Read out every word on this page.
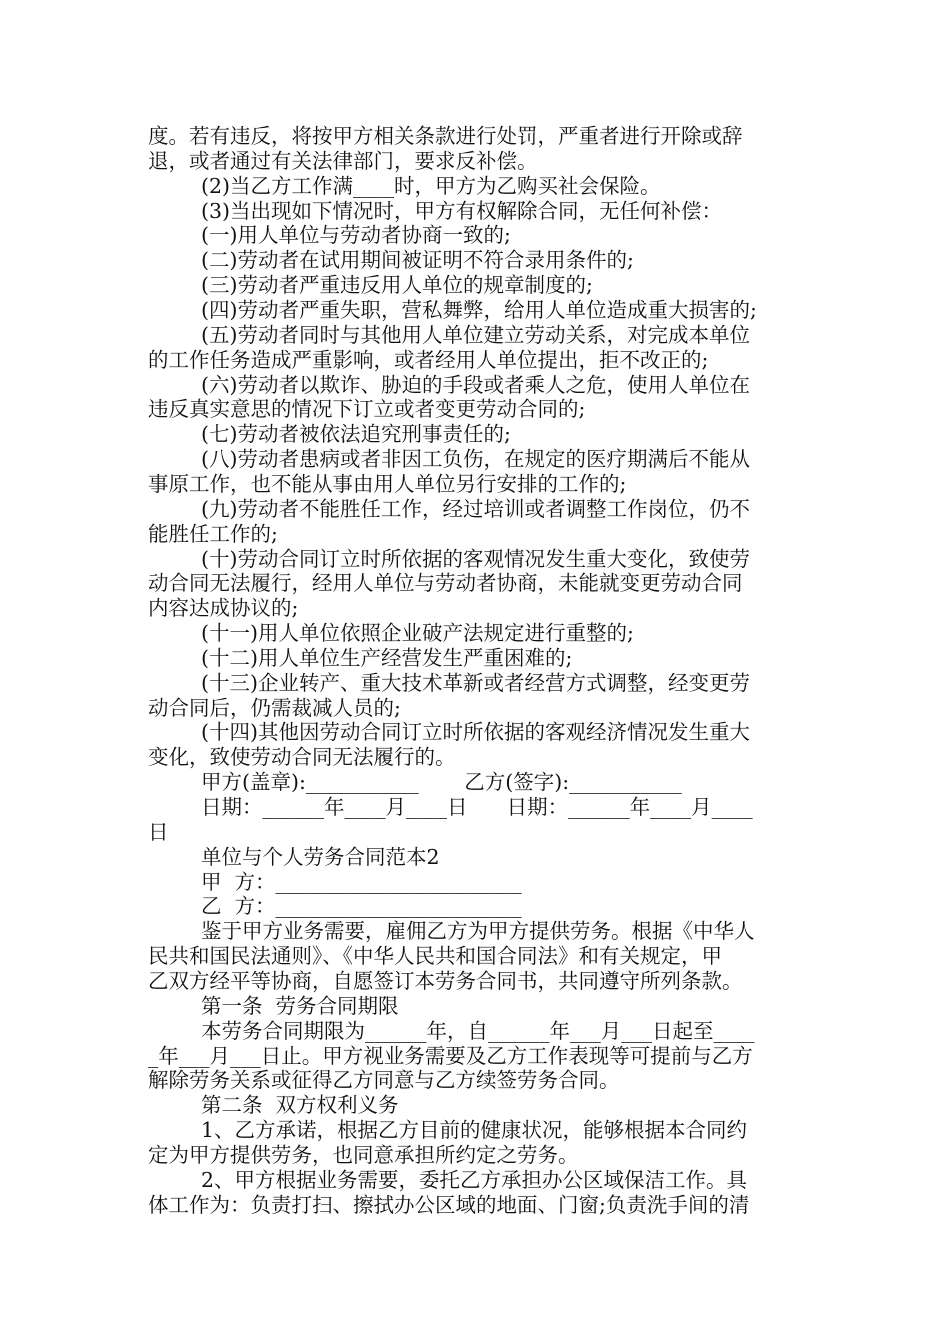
度。若有违反，将按甲方相关条款进行处罚，严重者进行开除或辞
退，或者通过有关法律部门，要求反补偿。
(2)当乙方工作满____时，甲方为乙购买社会保险。
(3)当出现如下情况时，甲方有权解除合同，无任何补偿：
(一)用人单位与劳动者协商一致的;
(二)劳动者在试用期间被证明不符合录用条件的;
(三)劳动者严重违反用人单位的规章制度的;
(四)劳动者严重失职，营私舞弊，给用人单位造成重大损害的;
(五)劳动者同时与其他用人单位建立劳动关系，对完成本单位
的工作任务造成严重影响，或者经用人单位提出，拒不改正的;
(六)劳动者以欺诈、胁迫的手段或者乘人之危，使用人单位在
违反真实意思的情况下订立或者变更劳动合同的;
(七)劳动者被依法追究刑事责任的;
(八)劳动者患病或者非因工负伤，在规定的医疗期满后不能从
事原工作，也不能从事由用人单位另行安排的工作的;
(九)劳动者不能胜任工作，经过培训或者调整工作岗位，仍不
能胜任工作的;
(十)劳动合同订立时所依据的客观情况发生重大变化，致使劳
动合同无法履行，经用人单位与劳动者协商，未能就变更劳动合同
内容达成协议的;
(十一)用人单位依照企业破产法规定进行重整的;
(十二)用人单位生产经营发生严重困难的;
(十三)企业转产、重大技术革新或者经营方式调整，经变更劳
动合同后，仍需裁减人员的;
(十四)其他因劳动合同订立时所依据的客观经济情况发生重大
变化，致使劳动合同无法履行的。
甲方(盖章):___________       乙方(签字):___________
日期：______年____月____日      日期：______年____月____
日
单位与个人劳务合同范本2
甲  方：________________________
乙  方：________________________
鉴于甲方业务需要，雇佣乙方为甲方提供劳务。根据《中华人
民共和国民法通则》、《中华人民共和国合同法》和有关规定，甲
乙双方经平等协商，自愿签订本劳务合同书，共同遵守所列条款。
第一条  劳务合同期限
本劳务合同期限为______年，自______年___月___日起至____
_年___月___日止。甲方视业务需要及乙方工作表现等可提前与乙方
解除劳务关系或征得乙方同意与乙方续签劳务合同。
第二条  双方权利义务
1、乙方承诺，根据乙方目前的健康状况，能够根据本合同约
定为甲方提供劳务，也同意承担所约定之劳务。
2、甲方根据业务需要，委托乙方承担办公区域保洁工作。具
体工作为：负责打扫、擦拭办公区域的地面、门窗;负责洗手间的清
